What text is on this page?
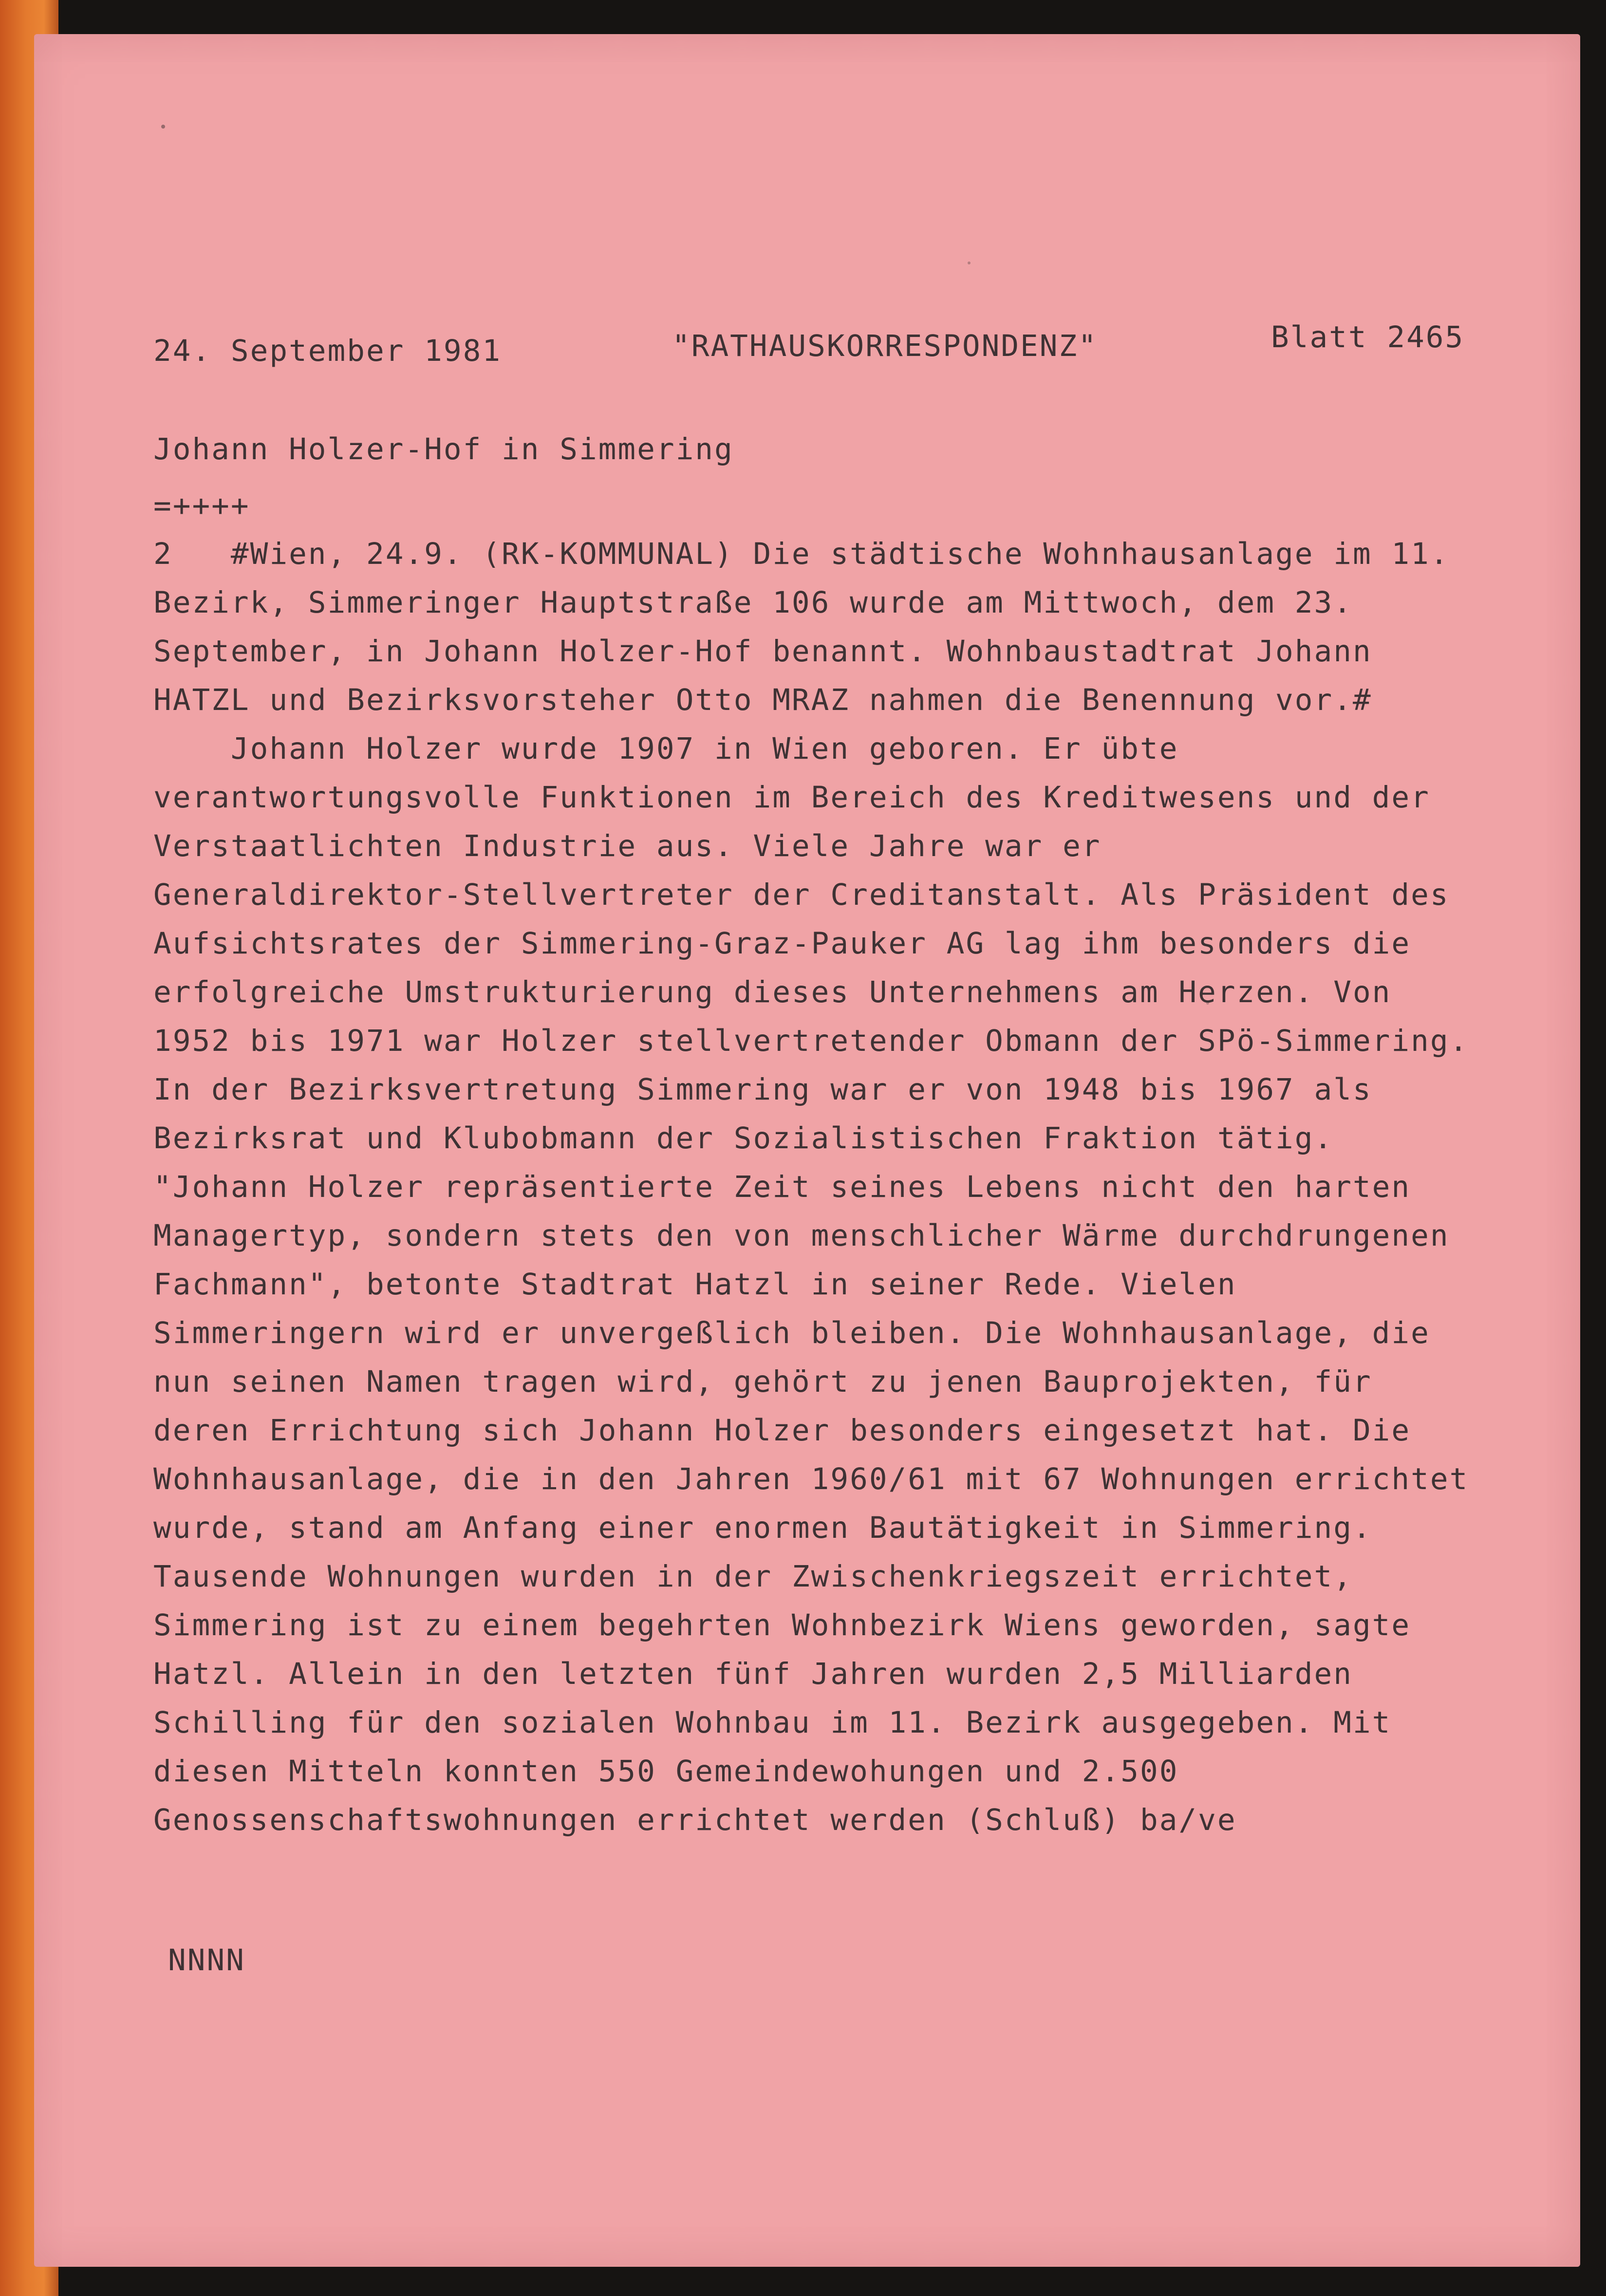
24. September 1981	"RATHAUSKORRESPONDENZ"	Blatt 2465

Johann Holzer-Hof in Simmering

=++++

2   #Wien, 24.9. (RK-KOMMUNAL) Die städtische Wohnhausanlage im 11.
Bezirk, Simmeringer Hauptstraße 106 wurde am Mittwoch, dem 23.
September, in Johann Holzer-Hof benannt. Wohnbaustadtrat Johann
HATZL und Bezirksvorsteher Otto MRAZ nahmen die Benennung vor.#
Johann Holzer wurde 1907 in Wien geboren. Er übte
verantwortungsvolle Funktionen im Bereich des Kreditwesens und der
Verstaatlichten Industrie aus. Viele Jahre war er
Generaldirektor-Stellvertreter der Creditanstalt. Als Präsident des
Aufsichtsrates der Simmering-Graz-Pauker AG lag ihm besonders die
erfolgreiche Umstrukturierung dieses Unternehmens am Herzen. Von
1952 bis 1971 war Holzer stellvertretender Obmann der SPö-Simmering.
In der Bezirksvertretung Simmering war er von 1948 bis 1967 als
Bezirksrat und Klubobmann der Sozialistischen Fraktion tätig.
"Johann Holzer repräsentierte Zeit seines Lebens nicht den harten
Managertyp, sondern stets den von menschlicher Wärme durchdrungenen
Fachmann", betonte Stadtrat Hatzl in seiner Rede. Vielen
Simmeringern wird er unvergeßlich bleiben. Die Wohnhausanlage, die
nun seinen Namen tragen wird, gehört zu jenen Bauprojekten, für
deren Errichtung sich Johann Holzer besonders eingesetzt hat. Die
Wohnhausanlage, die in den Jahren 1960/61 mit 67 Wohnungen errichtet
wurde, stand am Anfang einer enormen Bautätigkeit in Simmering.
Tausende Wohnungen wurden in der Zwischenkriegszeit errichtet,
Simmering ist zu einem begehrten Wohnbezirk Wiens geworden, sagte
Hatzl. Allein in den letzten fünf Jahren wurden 2,5 Milliarden
Schilling für den sozialen Wohnbau im 11. Bezirk ausgegeben. Mit
diesen Mitteln konnten 550 Gemeindewohungen und 2.500
Genossenschaftswohnungen errichtet werden (Schluß) ba/ve

NNNN
